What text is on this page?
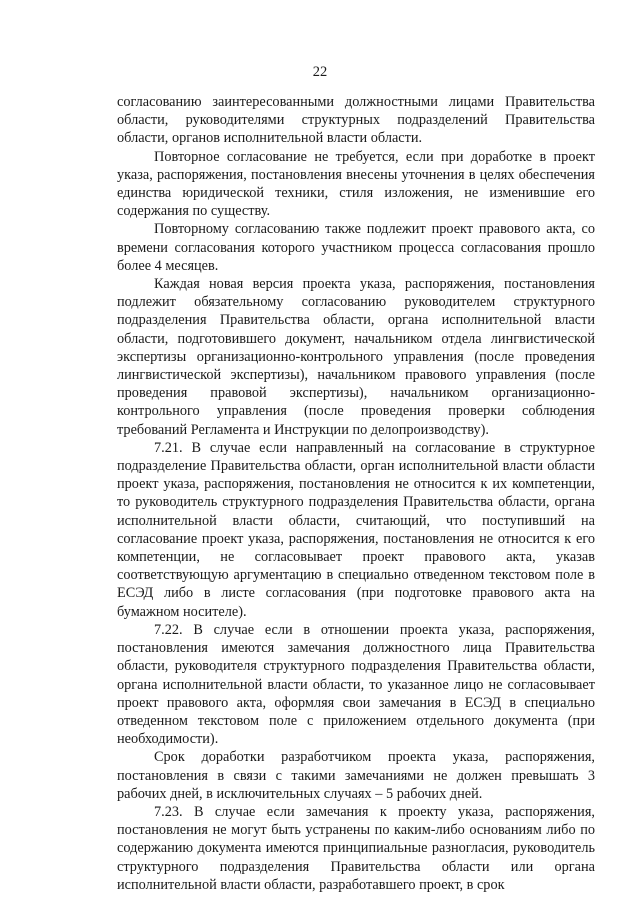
22

согласованию заинтересованными должностными лицами Правительства области, руководителями структурных подразделений Правительства области, органов исполнительной власти области.

Повторное согласование не требуется, если при доработке в проект указа, распоряжения, постановления внесены уточнения в целях обеспечения единства юридической техники, стиля изложения, не изменившие его содержания по существу.

Повторному согласованию также подлежит проект правового акта, со времени согласования которого участником процесса согласования прошло более 4 месяцев.

Каждая новая версия проекта указа, распоряжения, постановления подлежит обязательному согласованию руководителем структурного подразделения Правительства области, органа исполнительной власти области, подготовившего документ, начальником отдела лингвистической экспертизы организационно-контрольного управления (после проведения лингвистической экспертизы), начальником правового управления (после проведения правовой экспертизы), начальником организационно-контрольного управления (после проведения проверки соблюдения требований Регламента и Инструкции по делопроизводству).

7.21. В случае если направленный на согласование в структурное подразделение Правительства области, орган исполнительной власти области проект указа, распоряжения, постановления не относится к их компетенции, то руководитель структурного подразделения Правительства области, органа исполнительной власти области, считающий, что поступивший на согласование проект указа, распоряжения, постановления не относится к его компетенции, не согласовывает проект правового акта, указав соответствующую аргументацию в специально отведенном текстовом поле в ЕСЭД либо в листе согласования (при подготовке правового акта на бумажном носителе).

7.22. В случае если в отношении проекта указа, распоряжения, постановления имеются замечания должностного лица Правительства области, руководителя структурного подразделения Правительства области, органа исполнительной власти области, то указанное лицо не согласовывает проект правового акта, оформляя свои замечания в ЕСЭД в специально отведенном текстовом поле с приложением отдельного документа (при необходимости).

Срок доработки разработчиком проекта указа, распоряжения, постановления в связи с такими замечаниями не должен превышать 3 рабочих дней, в исключительных случаях – 5 рабочих дней.

7.23. В случае если замечания к проекту указа, распоряжения, постановления не могут быть устранены по каким-либо основаниям либо по содержанию документа имеются принципиальные разногласия, руководитель структурного подразделения Правительства области или органа исполнительной власти области, разработавшего проект, в срок
